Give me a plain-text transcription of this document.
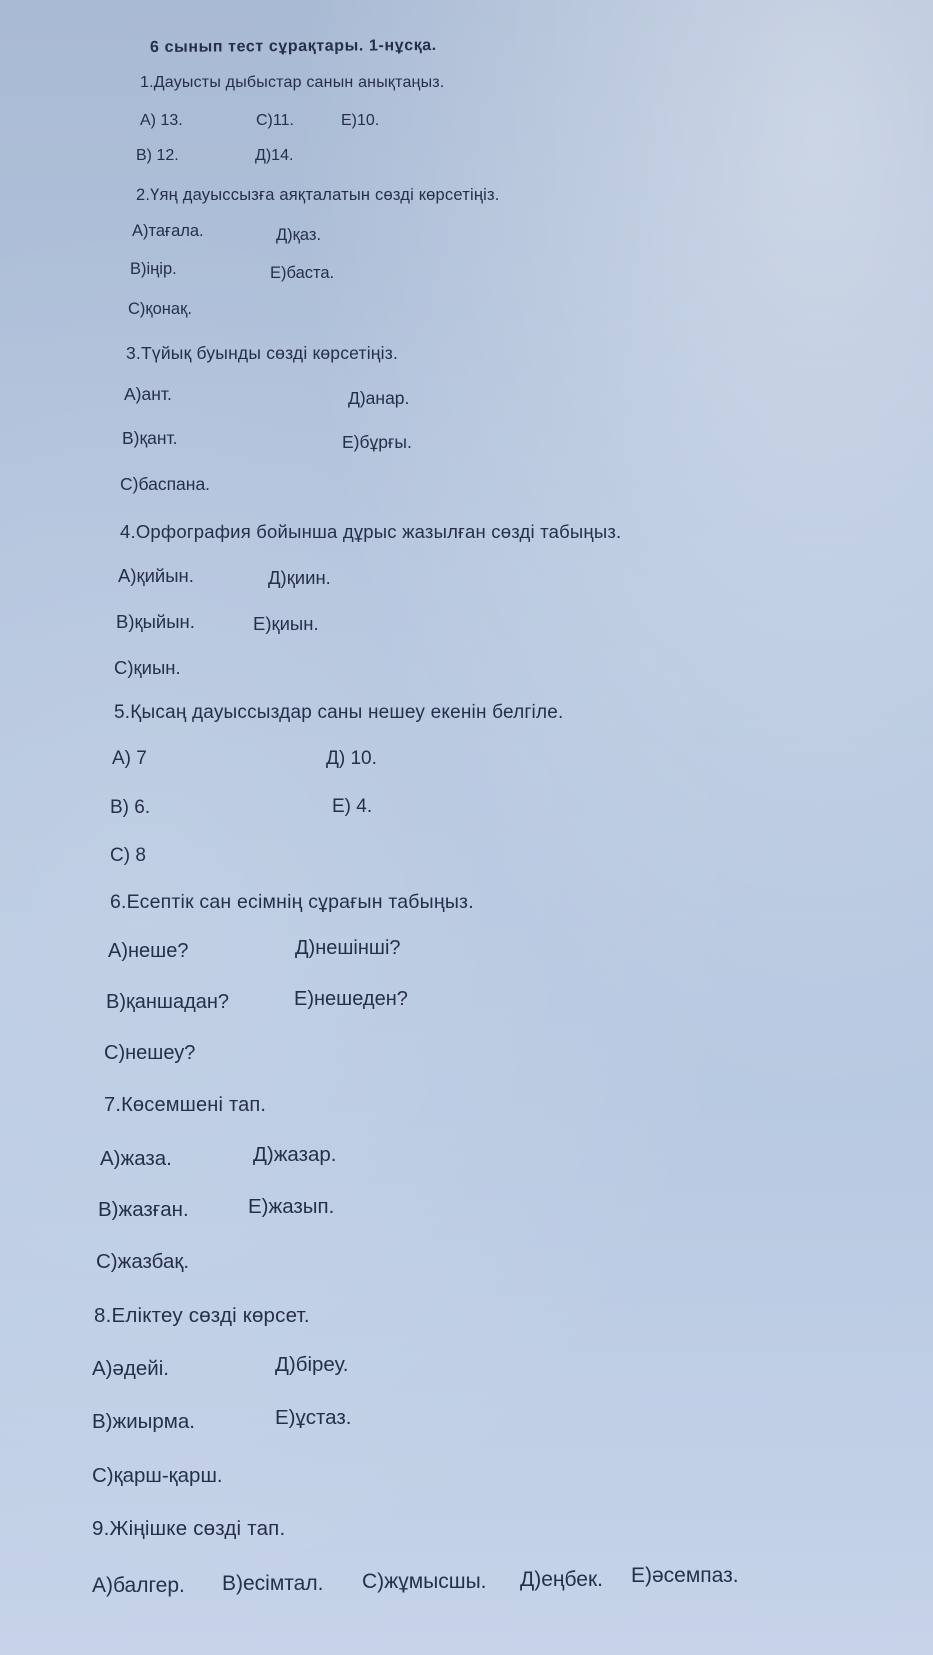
6 сынып тест сұрақтары. 1-нұсқа.
1.Дауысты дыбыстар санын анықтаңыз.
А) 13.	С)11.	Е)10.
В) 12.	Д)14.
2.Үяң дауыссызға аяқталатын сөзді көрсетіңіз.
А)тағала.	Д)қаз.
В)іңір.	Е)баста.
С)қонақ.
3.Түйық буынды сөзді көрсетіңіз.
А)ант.	Д)анар.
В)қант.	Е)бұрғы.
С)баспана.
4.Орфография бойынша дұрыс жазылған сөзді табыңыз.
А)қийын.	Д)қиин.
В)қыйын.	Е)қиын.
С)қиын.
5.Қысаң дауыссыздар саны нешеу екенін белгіле.
А) 7	Д) 10.
В) 6.	Е) 4.
С) 8
6.Есептік сан есімнің сұрағын табыңыз.
А)неше?	Д)нешінші?
В)қаншадан?	Е)нешеден?
С)нешеу?
7.Көсемшені тап.
А)жаза.	Д)жазар.
В)жазған.	Е)жазып.
С)жазбақ.
8.Еліктеу сөзді көрсет.
А)әдейі.	Д)біреу.
В)жиырма.	Е)ұстаз.
С)қарш-қарш.
9.Жіңішке сөзді тап.
А)балгер. В)есімтал. С)жұмысшы. Д)еңбек. Е)әсемпаз.
